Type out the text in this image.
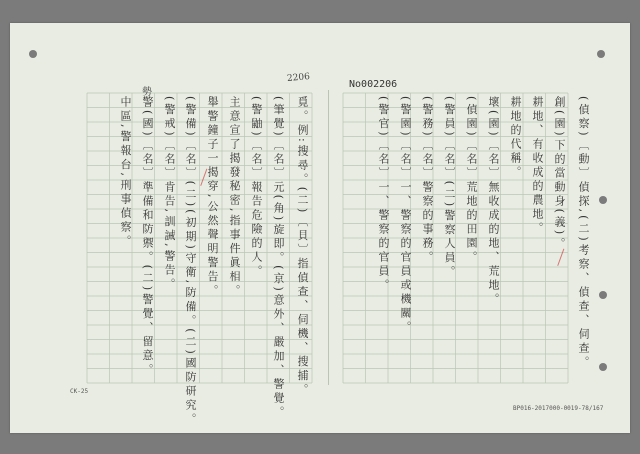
勢
2206
No002206
覓。例:搜尋。(二)〔貝〕指偵查、伺機、搜捕。
(筆覺)〔名〕元(角)旋即。(京)意外、嚴加、警覺。
(警鼬)〔名〕報告危險的人。
主意宣了揭發秘密,指事件眞相。
舉警鐘子一揭穿,公然聲明警告。
(警備)〔名〕(二)(初期)守衛,防備。(二)國防研究。
(警戒)〔名〕肯告,訓誡,警告。
警(國)〔名〕準備和防禦。(二)警覺、留意。
中區,警報台,刑事偵察。	(偵察)〔動〕偵探,(二)考察、偵查、伺查。
創(園)下的當動身(義)。
耕地、有收成的農地。
耕地的代稱。
壞(園)〔名〕無收成的地、荒地。
(偵園)〔名〕荒地的田園。
(警員)〔名〕(二)警察人員。
(警務)〔名〕警察的事務。
(警園)〔名〕一、警察的官員或機關。
(警官)〔名〕一、警察的官員。
CK-25
BP016-2017000-0019-78/167
